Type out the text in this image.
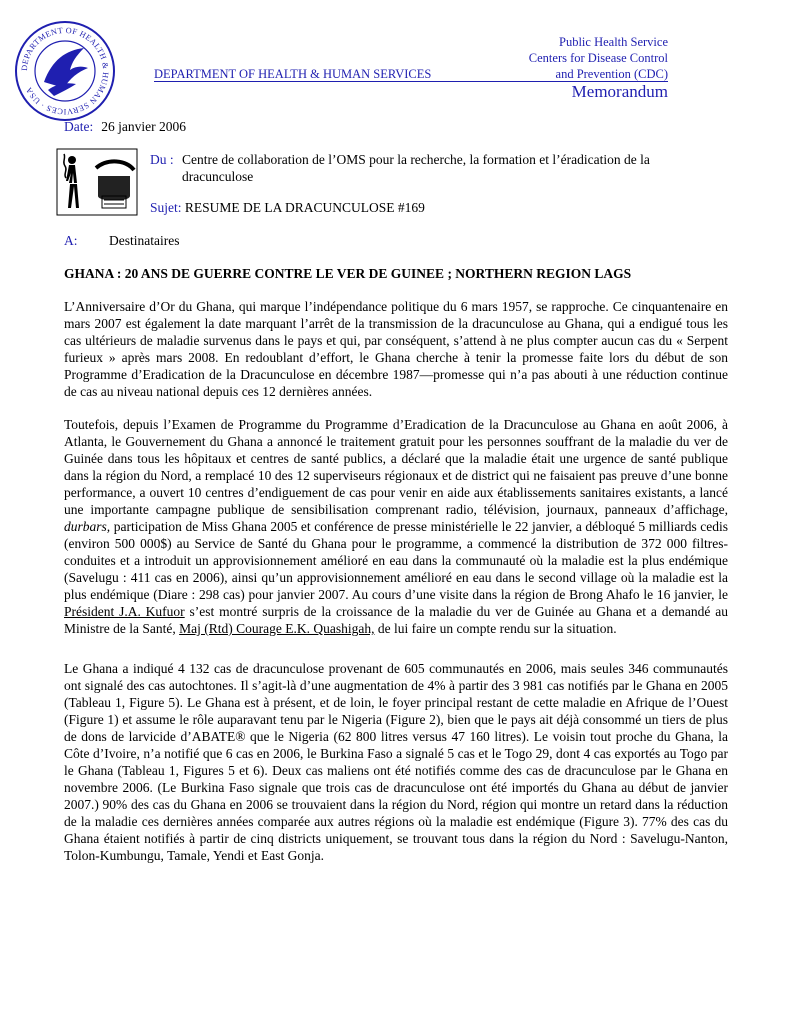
DEPARTMENT OF HEALTH & HUMAN SERVICES · USA
DEPARTMENT OF HEALTH & HUMAN SERVICES
Public Health Service
Centers for Disease Control
and Prevention (CDC)
Memorandum
Date: 26 janvier 2006
Du : Centre de collaboration de l’OMS pour la recherche, la formation et l’éradication de la dracunculose
Sujet: RESUME DE LA DRACUNCULOSE #169
A: Destinataires
GHANA : 20 ANS DE GUERRE CONTRE LE VER DE GUINEE ; NORTHERN REGION LAGS

L’Anniversaire d’Or du Ghana, qui marque l’indépendance politique du 6 mars 1957, se rapproche. Ce cinquantenaire en mars 2007 est également la date marquant l’arrêt de la transmission de la dracunculose au Ghana, qui a endigué tous les cas ultérieurs de maladie survenus dans le pays et qui, par conséquent, s’attend à ne plus compter aucun cas du « Serpent furieux » après mars 2008. En redoublant d’effort, le Ghana cherche à tenir la promesse faite lors du début de son Programme d’Eradication de la Dracunculose en décembre 1987—promesse qui n’a pas abouti à une réduction continue de cas au niveau national depuis ces 12 dernières années.

Toutefois, depuis l’Examen de Programme du Programme d’Eradication de la Dracunculose au Ghana en août 2006, à Atlanta, le Gouvernement du Ghana a annoncé le traitement gratuit pour les personnes souffrant de la maladie du ver de Guinée dans tous les hôpitaux et centres de santé publics, a déclaré que la maladie était une urgence de santé publique dans la région du Nord, a remplacé 10 des 12 superviseurs régionaux et de district qui ne faisaient pas preuve d’une bonne performance, a ouvert 10 centres d’endiguement de cas pour venir en aide aux établissements sanitaires existants, a lancé une importante campagne publique de sensibilisation comprenant radio, télévision, journaux, panneaux d’affichage, durbars, participation de Miss Ghana 2005 et conférence de presse ministérielle le 22 janvier, a débloqué 5 milliards cedis (environ 500 000$) au Service de Santé du Ghana pour le programme, a commencé la distribution de 372 000 filtres-conduites et a introduit un approvisionnement amélioré en eau dans la communauté où la maladie est la plus endémique (Savelugu : 411 cas en 2006), ainsi qu’un approvisionnement amélioré en eau dans le second village où la maladie est la plus endémique (Diare : 298 cas) pour janvier 2007. Au cours d’une visite dans la région de Brong Ahafo le 16 janvier, le Président J.A. Kufuor s’est montré surpris de la croissance de la maladie du ver de Guinée au Ghana et a demandé au Ministre de la Santé, Maj (Rtd) Courage E.K. Quashigah, de lui faire un compte rendu sur la situation.

Le Ghana a indiqué 4 132 cas de dracunculose provenant de 605 communautés en 2006, mais seules 346 communautés ont signalé des cas autochtones. Il s’agit-là d’une augmentation de 4% à partir des 3 981 cas notifiés par le Ghana en 2005 (Tableau 1, Figure 5). Le Ghana est à présent, et de loin, le foyer principal restant de cette maladie en Afrique de l’Ouest (Figure 1) et assume le rôle auparavant tenu par le Nigeria (Figure 2), bien que le pays ait déjà consommé un tiers de plus de dons de larvicide d’ABATE® que le Nigeria (62 800 litres versus 47 160 litres). Le voisin tout proche du Ghana, la Côte d’Ivoire, n’a notifié que 6 cas en 2006, le Burkina Faso a signalé 5 cas et le Togo 29, dont 4 cas exportés au Togo par le Ghana (Tableau 1, Figures 5 et 6). Deux cas maliens ont été notifiés comme des cas de dracunculose par le Ghana en novembre 2006. (Le Burkina Faso signale que trois cas de dracunculose ont été importés du Ghana au début de janvier 2007.) 90% des cas du Ghana en 2006 se trouvaient dans la région du Nord, région qui montre un retard dans la réduction de la maladie ces dernières années comparée aux autres régions où la maladie est endémique (Figure 3). 77% des cas du Ghana étaient notifiés à partir de cinq districts uniquement, se trouvant tous dans la région du Nord : Savelugu-Nanton, Tolon-Kumbungu, Tamale, Yendi et East Gonja.
